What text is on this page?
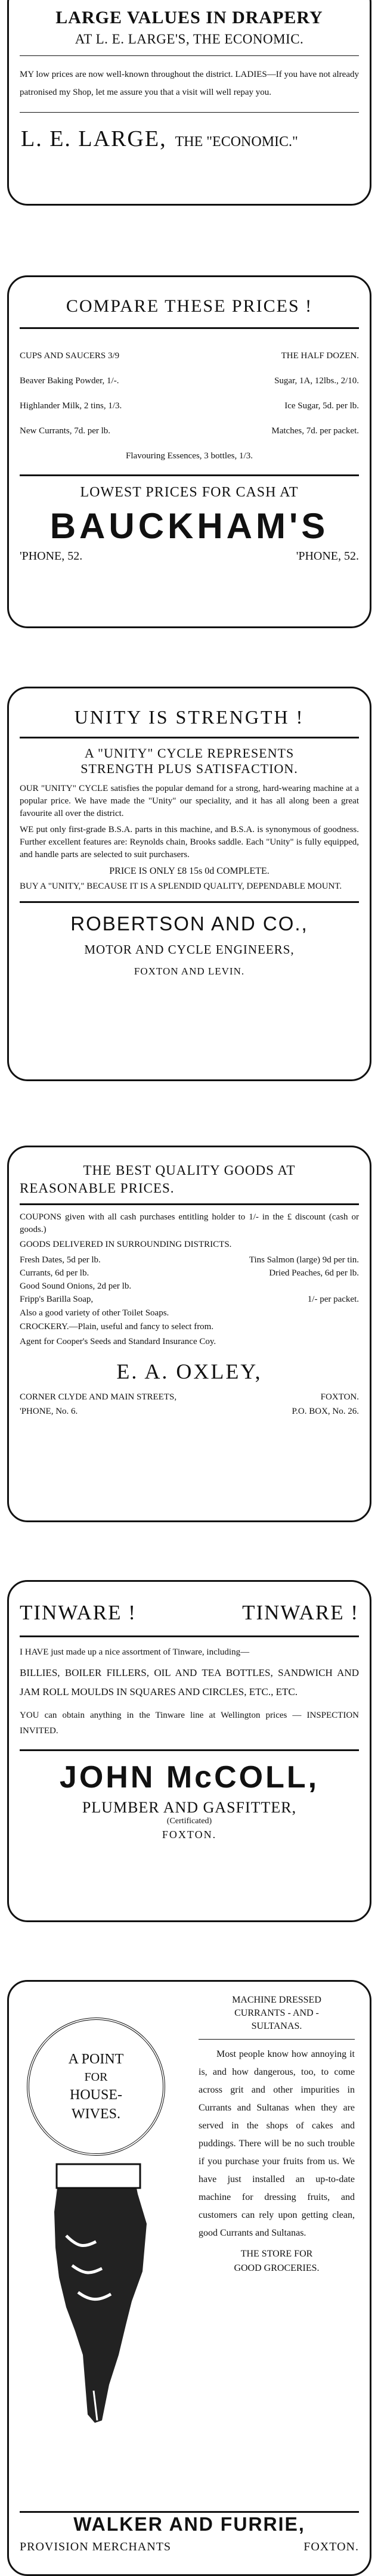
LARGE VALUES IN DRAPERY
AT L. E. LARGE'S, THE ECONOMIC.
MY low prices are now well-known throughout the district. LADIES—If you have not already patronised my Shop, let me assure you that a visit will well repay you.
L. E. LARGE, THE "ECONOMIC."
COMPARE THESE PRICES !
CUPS AND SAUCERS 3/9	THE HALF DOZEN.
Beaver Baking Powder, 1/-.	Sugar, 1A, 12lbs., 2/10.
Highlander Milk, 2 tins, 1/3.	Ice Sugar, 5d. per lb.
New Currants, 7d. per lb.	Matches, 7d. per packet.
Flavouring Essences, 3 bottles, 1/3.
LOWEST PRICES FOR CASH AT
BAUCKHAM'S
'PHONE, 52.	'PHONE, 52.
UNITY IS STRENGTH !
A "UNITY" CYCLE REPRESENTS
STRENGTH PLUS SATISFACTION.
OUR "UNITY" CYCLE satisfies the popular demand for a strong, hard-wearing machine at a popular price. We have made the "Unity" our speciality, and it has all along been a great favourite all over the district.
WE put only first-grade B.S.A. parts in this machine, and B.S.A. is synonymous of goodness. Further excellent features are: Reynolds chain, Brooks saddle. Each "Unity" is fully equipped, and handle parts are selected to suit purchasers.
PRICE IS ONLY £8 15s 0d COMPLETE.
BUY A "UNITY," BECAUSE IT IS A SPLENDID QUALITY, DEPENDABLE MOUNT.
ROBERTSON AND CO.,
MOTOR AND CYCLE ENGINEERS,
FOXTON AND LEVIN.
THE BEST QUALITY GOODS AT
REASONABLE PRICES.
COUPONS given with all cash purchases entitling holder to 1/- in the £ discount (cash or goods.)
GOODS DELIVERED IN SURROUNDING DISTRICTS.
Fresh Dates, 5d per lb.	Tins Salmon (large) 9d per tin.
Currants, 6d per lb.	Dried Peaches, 6d per lb.
Good Sound Onions, 2d per lb.
Fripp's Barilla Soap,	1/- per packet.
Also a good variety of other Toilet Soaps.
CROCKERY.—Plain, useful and fancy to select from.
Agent for Cooper's Seeds and Standard Insurance Coy.
E. A. OXLEY,
CORNER CLYDE AND MAIN STREETS,	FOXTON.
'PHONE, No. 6.	P.O. BOX, No. 26.
TINWARE !	TINWARE !
I HAVE just made up a nice assortment of Tinware, including—
BILLIES, BOILER FILLERS, OIL AND TEA BOTTLES, SANDWICH AND JAM ROLL MOULDS IN SQUARES AND CIRCLES, ETC., ETC.
YOU can obtain anything in the Tinware line at Wellington prices — INSPECTION INVITED.
JOHN McCOLL,
PLUMBER AND GASFITTER,
(Certificated)
FOXTON.
A POINT
FOR
HOUSE-
WIVES.
MACHINE DRESSED
CURRANTS - AND -
SULTANAS.
Most people know how annoying it is, and how dangerous, too, to come across grit and other impurities in Currants and Sultanas when they are served in the shops of cakes and puddings. There will be no such trouble if you purchase your fruits from us. We have just installed an up-to-date machine for dressing fruits, and customers can rely upon getting clean, good Currants and Sultanas.
THE STORE FOR
GOOD GROCERIES.
WALKER AND FURRIE,
PROVISION MERCHANTS	FOXTON.
